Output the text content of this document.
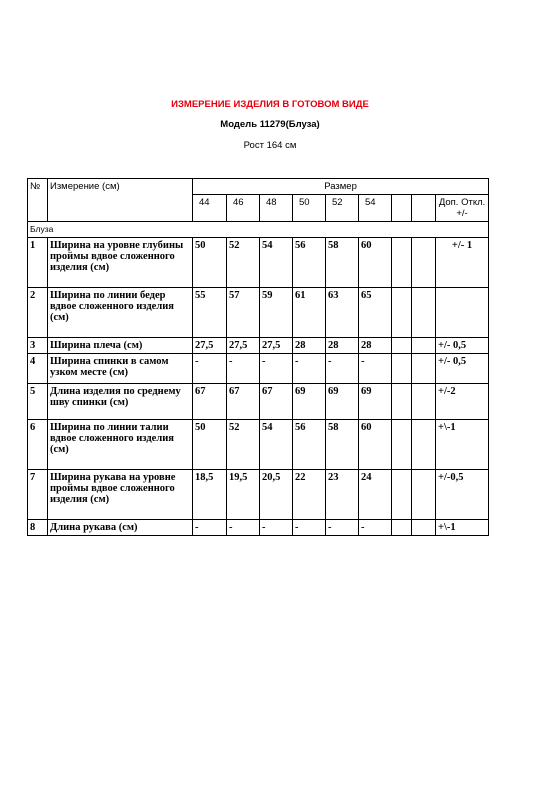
ИЗМЕРЕНИЕ ИЗДЕЛИЯ В ГОТОВОМ ВИДЕ
Модель 11279(Блуза)
Рост 164 см
№	Измерение (см)	Размер								
		44	46	48	50	52	54			Доп. Откл. +/-
Блуза										
1	Ширина на уровне глубины проймы вдвое сложенного изделия (см)	50	52	54	56	58	60			+/- 1
2	Ширина по линии бедер вдвое сложенного изделия (см)	55	57	59	61	63	65			
3	Ширина плеча (см)	27,5	27,5	27,5	28	28	28			+/- 0,5
4	Ширина спинки в самом узком месте (см)	-	-	-	-	-	-			+/- 0,5
5	Длина изделия по среднему шву спинки (см)	67	67	67	69	69	69			+/-2
6	Ширина по линии талии вдвое сложенного изделия (см)	50	52	54	56	58	60			+\-1
7	Ширина рукава на уровне проймы вдвое сложенного изделия (см)	18,5	19,5	20,5	22	23	24			+/-0,5
8	Длина рукава (см)	-	-	-	-	-	-			+\-1
